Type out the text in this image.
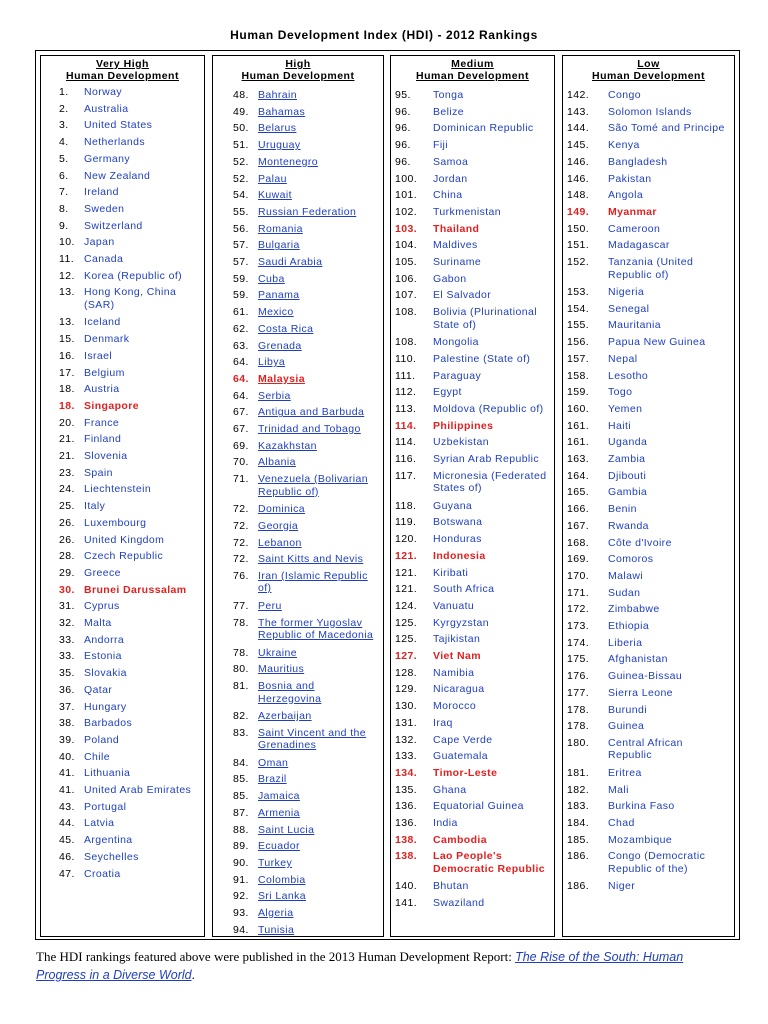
Human Development Index (HDI) - 2012 Rankings
Very High
Human Development
1. Norway
2. Australia
3. United States
4. Netherlands
5. Germany
6. New Zealand
7. Ireland
8. Sweden
9. Switzerland
10. Japan
11. Canada
12. Korea (Republic of)
13. Hong Kong, China
(SAR)
13. Iceland
15. Denmark
16. Israel
17. Belgium
18. Austria
18. Singapore
20. France
21. Finland
21. Slovenia
23. Spain
24. Liechtenstein
25. Italy
26. Luxembourg
26. United Kingdom
28. Czech Republic
29. Greece
30. Brunei Darussalam
31. Cyprus
32. Malta
33. Andorra
33. Estonia
35. Slovakia
36. Qatar
37. Hungary
38. Barbados
39. Poland
40. Chile
41. Lithuania
41. United Arab Emirates
43. Portugal
44. Latvia
45. Argentina
46. Seychelles
47. Croatia
High
Human Development
48. Bahrain
49. Bahamas
50. Belarus
51. Uruguay
52. Montenegro
52. Palau
54. Kuwait
55. Russian Federation
56. Romania
57. Bulgaria
57. Saudi Arabia
59. Cuba
59. Panama
61. Mexico
62. Costa Rica
63. Grenada
64. Libya
64. Malaysia
64. Serbia
67. Antigua and Barbuda
67. Trinidad and Tobago
69. Kazakhstan
70. Albania
71. Venezuela (Bolivarian
Republic of)
72. Dominica
72. Georgia
72. Lebanon
72. Saint Kitts and Nevis
76. Iran (Islamic Republic
of)
77. Peru
78. The former Yugoslav
Republic of Macedonia
78. Ukraine
80. Mauritius
81. Bosnia and
Herzegovina
82. Azerbaijan
83. Saint Vincent and the
Grenadines
84. Oman
85. Brazil
85. Jamaica
87. Armenia
88. Saint Lucia
89. Ecuador
90. Turkey
91. Colombia
92. Sri Lanka
93. Algeria
94. Tunisia
Medium
Human Development
95. Tonga
96. Belize
96. Dominican Republic
96. Fiji
96. Samoa
100. Jordan
101. China
102. Turkmenistan
103. Thailand
104. Maldives
105. Suriname
106. Gabon
107. El Salvador
108. Bolivia (Plurinational
State of)
108. Mongolia
110. Palestine (State of)
111. Paraguay
112. Egypt
113. Moldova (Republic of)
114. Philippines
114. Uzbekistan
116. Syrian Arab Republic
117. Micronesia (Federated
States of)
118. Guyana
119. Botswana
120. Honduras
121. Indonesia
121. Kiribati
121. South Africa
124. Vanuatu
125. Kyrgyzstan
125. Tajikistan
127. Viet Nam
128. Namibia
129. Nicaragua
130. Morocco
131. Iraq
132. Cape Verde
133. Guatemala
134. Timor-Leste
135. Ghana
136. Equatorial Guinea
136. India
138. Cambodia
138. Lao People's
Democratic Republic
140. Bhutan
141. Swaziland
Low
Human Development
142. Congo
143. Solomon Islands
144. São Tomé and Principe
145. Kenya
146. Bangladesh
146. Pakistan
148. Angola
149. Myanmar
150. Cameroon
151. Madagascar
152. Tanzania (United
Republic of)
153. Nigeria
154. Senegal
155. Mauritania
156. Papua New Guinea
157. Nepal
158. Lesotho
159. Togo
160. Yemen
161. Haiti
161. Uganda
163. Zambia
164. Djibouti
165. Gambia
166. Benin
167. Rwanda
168. Côte d'Ivoire
169. Comoros
170. Malawi
171. Sudan
172. Zimbabwe
173. Ethiopia
174. Liberia
175. Afghanistan
176. Guinea-Bissau
177. Sierra Leone
178. Burundi
178. Guinea
180. Central African
Republic
181. Eritrea
182. Mali
183. Burkina Faso
184. Chad
185. Mozambique
186. Congo (Democratic
Republic of the)
186. Niger
The HDI rankings featured above were published in the 2013 Human Development Report: The Rise of the South: Human Progress in a Diverse World.
